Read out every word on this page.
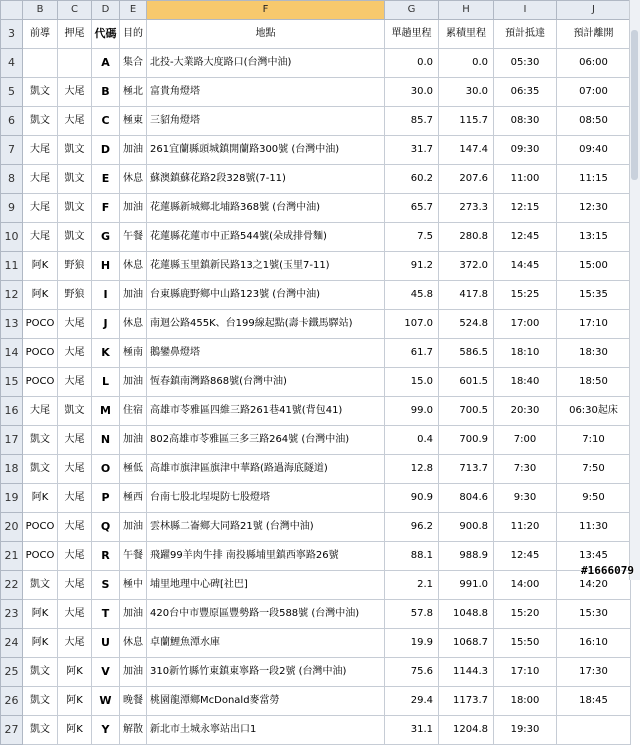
	B	C	D	E	F	G	H	I	J
3	前導	押尾	代碼	目的	地點	單趟里程	累積里程	預計抵達	預計離開
4			A	集合	北投-大業路大度路口(台灣中油)	0.0	0.0	05:30	06:00
5	凱文	大尾	B	極北	富貴角燈塔	30.0	30.0	06:35	07:00
6	凱文	大尾	C	極東	三貂角燈塔	85.7	115.7	08:30	08:50
7	大尾	凱文	D	加油	261宜蘭縣頭城鎮開蘭路300號 (台灣中油)	31.7	147.4	09:30	09:40
8	大尾	凱文	E	休息	蘇澳鎮蘇花路2段328號(7-11)	60.2	207.6	11:00	11:15
9	大尾	凱文	F	加油	花蓮縣新城鄉北埔路368號 (台灣中油)	65.7	273.3	12:15	12:30
10	大尾	凱文	G	午餐	花蓮縣花蓮市中正路544號(朵成排骨麵)	7.5	280.8	12:45	13:15
11	阿K	野狼	H	休息	花蓮縣玉里鎮新民路13之1號(玉里7-11)	91.2	372.0	14:45	15:00
12	阿K	野狼	I	加油	台東縣鹿野鄉中山路123號 (台灣中油)	45.8	417.8	15:25	15:35
13	POCO	大尾	J	休息	南迴公路455K、台199線起點(壽卡鐵馬驛站)	107.0	524.8	17:00	17:10
14	POCO	大尾	K	極南	鵝鑾鼻燈塔	61.7	586.5	18:10	18:30
15	POCO	大尾	L	加油	恆春鎮南灣路868號(台灣中油)	15.0	601.5	18:40	18:50
16	大尾	凱文	M	住宿	高雄市苓雅區四維三路261巷41號(背包41)	99.0	700.5	20:30	06:30起床
17	凱文	大尾	N	加油	802高雄市苓雅區三多三路264號 (台灣中油)	0.4	700.9	7:00	7:10
18	凱文	大尾	O	極低	高雄市旗津區旗津中華路(路過海底隧道)	12.8	713.7	7:30	7:50
19	阿K	大尾	P	極西	台南七股北埕堤防七股燈塔	90.9	804.6	9:30	9:50
20	POCO	大尾	Q	加油	雲林縣二崙鄉大同路21號 (台灣中油)	96.2	900.8	11:20	11:30
21	POCO	大尾	R	午餐	飛躍99羊肉牛排 南投縣埔里鎮西寧路26號	88.1	988.9	12:45	13:45
22	凱文	大尾	S	極中	埔里地理中心碑[社巴]	2.1	991.0	14:00	14:20
23	阿K	大尾	T	加油	420台中市豐原區豐勢路一段588號 (台灣中油)	57.8	1048.8	15:20	15:30
24	阿K	大尾	U	休息	卓蘭鯉魚潭水庫	19.9	1068.7	15:50	16:10
25	凱文	阿K	V	加油	310新竹縣竹東鎮東寧路一段2號 (台灣中油)	75.6	1144.3	17:10	17:30
26	凱文	阿K	W	晚餐	桃園龍潭鄉McDonald麥當勞	29.4	1173.7	18:00	18:45
27	凱文	阿K	Y	解散	新北市土城永寧站出口1	31.1	1204.8	19:30	
#1666079
